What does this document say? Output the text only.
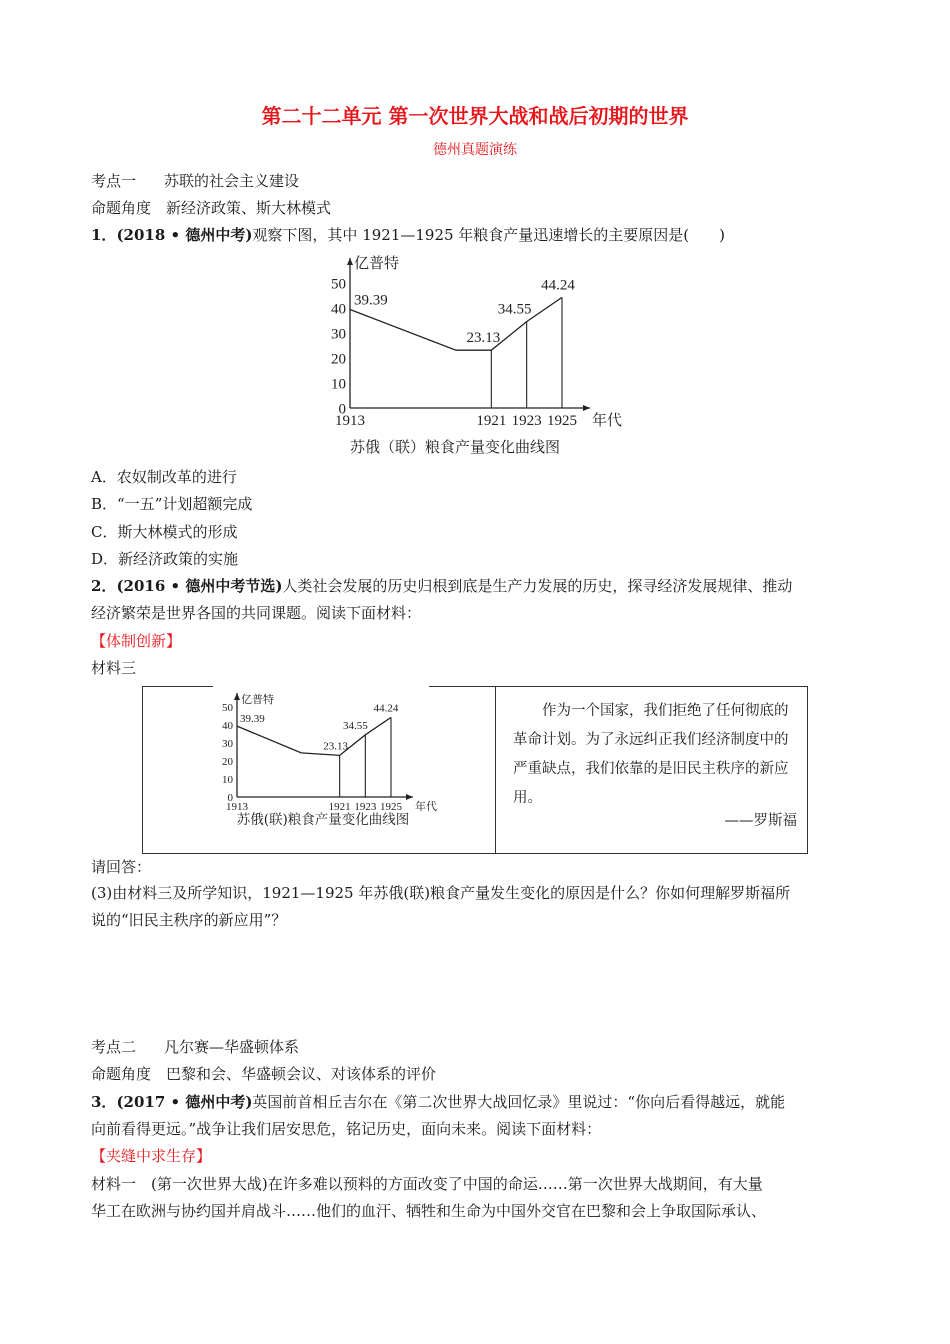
第二十二单元 第一次世界大战和战后初期的世界
德州真题演练
考点一 苏联的社会主义建设
命题角度　 新经济政策、斯大林模式
1．(2018 • 德州中考)观察下图，其中 1921—1925 年粮食产量迅速增长的主要原因是(　　)
0
10
20
30
40
50
亿普特
1913	1921 1923 1925 年代
39.39
23.13
34.55
44.24
苏俄（联）粮食产量变化曲线图
A．农奴制改革的进行
B．“一五”计划超额完成
C．斯大林模式的形成
D．新经济政策的实施
2．(2016 • 德州中考节选)人类社会发展的历史归根到底是生产力发展的历史，探寻经济发展规律、推动
经济繁荣是世界各国的共同课题。阅读下面材料：
【体制创新】
材料三
0
10
20
30
40
50
亿普特
1913	1921 1923 1925 年代
39.39
23.13
34.55
44.24
苏俄(联)粮食产量变化曲线图
作为一个国家，我们拒绝了任何彻底的革命计划。为了永远纠正我们经济制度中的严重缺点，我们依靠的是旧民主秩序的新应用。
——罗斯福
请回答：
(3)由材料三及所学知识，1921—1925 年苏俄(联)粮食产量发生变化的原因是什么？你如何理解罗斯福所
说的“旧民主秩序的新应用”？
考点二 凡尔赛—华盛顿体系
命题角度　 巴黎和会、华盛顿会议、对该体系的评价
3．(2017 • 德州中考)英国前首相丘吉尔在《第二次世界大战回忆录》里说过：“你向后看得越远，就能
向前看得更远。”战争让我们居安思危，铭记历史，面向未来。阅读下面材料：
【夹缝中求生存】
材料一　(第一次世界大战)在许多难以预料的方面改变了中国的命运……第一次世界大战期间，有大量
华工在欧洲与协约国并肩战斗……他们的血汗、牺牲和生命为中国外交官在巴黎和会上争取国际承认、
